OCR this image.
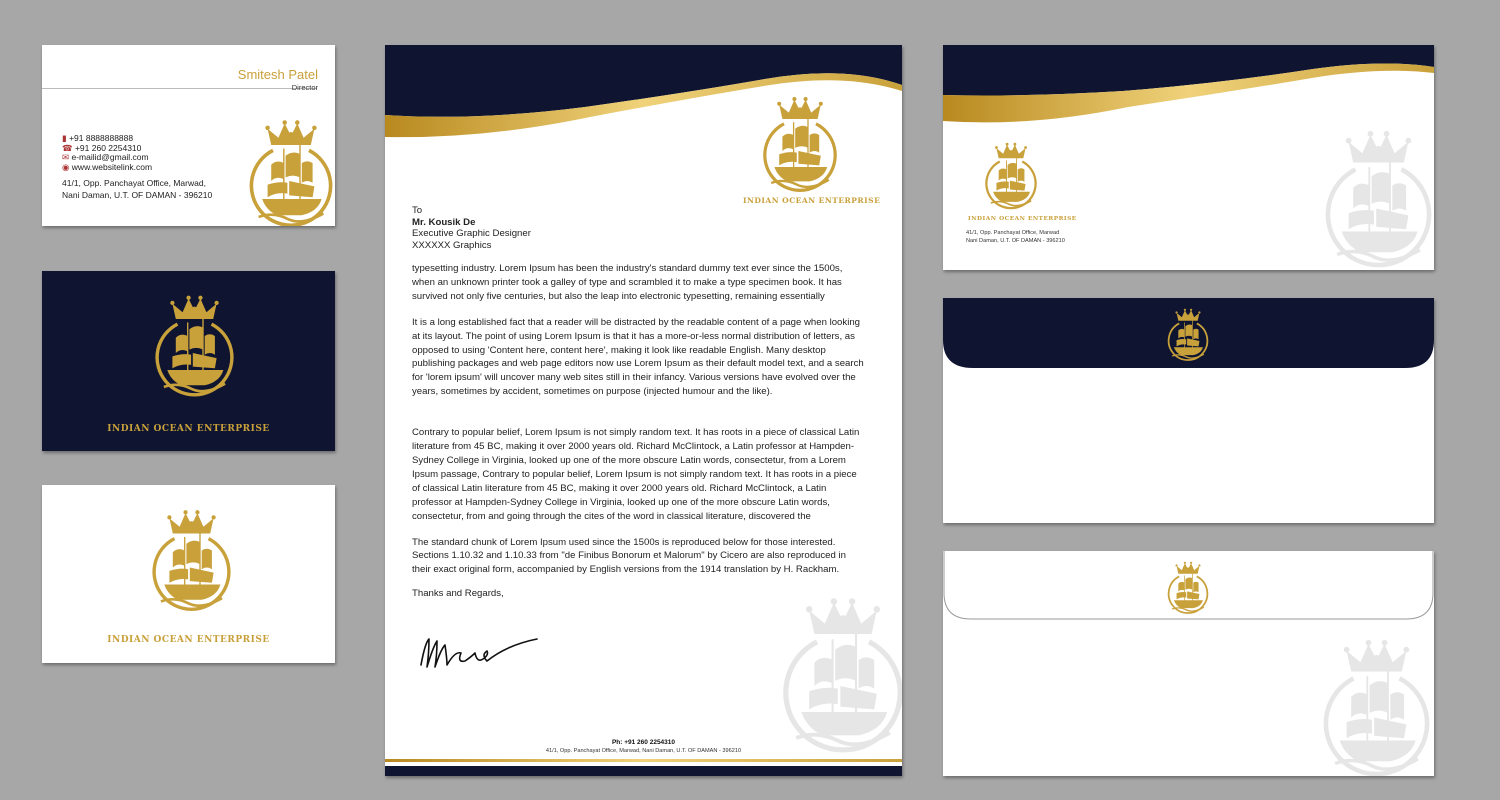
Smitesh Patel
Director
▮ +91 8888888888
☎ +91 260 2254310
✉ e-mailid@gmail.com
◉ www.websitelink.com
41/1, Opp. Panchayat Office, Marwad,
Nani Daman, U.T. OF DAMAN - 396210
INDIAN OCEAN ENTERPRISE
INDIAN OCEAN ENTERPRISE
INDIAN OCEAN ENTERPRISE
To
Mr. Kousik De
Executive Graphic Designer
XXXXXX Graphics

typesetting industry. Lorem Ipsum has been the industry's standard dummy text ever since the 1500s, when an unknown printer took a galley of type and scrambled it to make a type specimen book. It has survived not only five centuries, but also the leap into electronic typesetting, remaining essentially

It is a long established fact that a reader will be distracted by the readable content of a page when looking at its layout. The point of using Lorem Ipsum is that it has a more-or-less normal distribution of letters, as opposed to using 'Content here, content here', making it look like readable English. Many desktop publishing packages and web page editors now use Lorem Ipsum as their default model text, and a search for 'lorem ipsum' will uncover many web sites still in their infancy. Various versions have evolved over the years, sometimes by accident, sometimes on purpose (injected humour and the like).

Contrary to popular belief, Lorem Ipsum is not simply random text. It has roots in a piece of classical Latin literature from 45 BC, making it over 2000 years old. Richard McClintock, a Latin professor at Hampden-Sydney College in Virginia, looked up one of the more obscure Latin words, consectetur, from a Lorem Ipsum passage, Contrary to popular belief, Lorem Ipsum is not simply random text. It has roots in a piece of classical Latin literature from 45 BC, making it over 2000 years old. Richard McClintock, a Latin professor at Hampden-Sydney College in Virginia, looked up one of the more obscure Latin words, consectetur, from and going through the cites of the word in classical literature, discovered the

The standard chunk of Lorem Ipsum used since the 1500s is reproduced below for those interested. Sections 1.10.32 and 1.10.33 from "de Finibus Bonorum et Malorum" by Cicero are also reproduced in their exact original form, accompanied by English versions from the 1914 translation by H. Rackham.

Thanks and Regards,

Ph: +91 260 2254310
41/1, Opp. Panchayat Office, Marwad, Nani Daman, U.T. OF DAMAN - 396210
INDIAN OCEAN ENTERPRISE
41/1, Opp. Panchayat Office, Marwad
Nani Daman, U.T. OF DAMAN - 396210
